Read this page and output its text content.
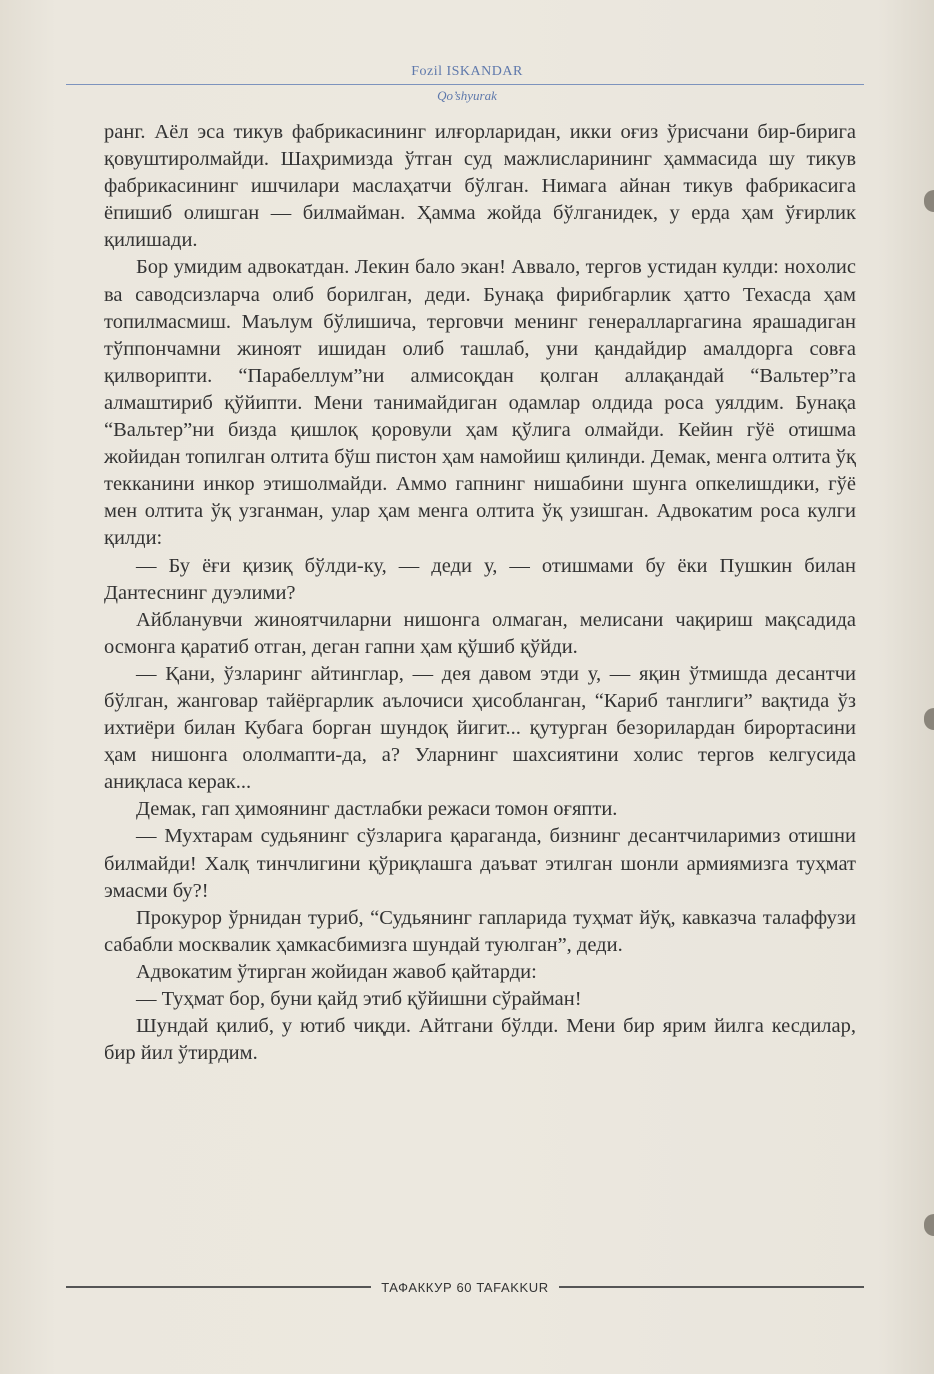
Fozil ISKANDAR
Qo’shyurak

ранг. Аёл эса тикув фабрикасининг илғорларидан, икки оғиз ўрисчани бир-бирига қовуштиролмайди. Шаҳримизда ўтган суд мажлисларининг ҳаммасида шу тикув фабрикасининг ишчилари маслаҳатчи бўлган. Нимага айнан тикув фабрикасига ёпишиб олишган — билмайман. Ҳамма жойда бўлганидек, у ерда ҳам ўғирлик қилишади.

Бор умидим адвокатдан. Лекин бало экан! Аввало, тергов устидан кулди: ноxолис ва саводсизларча олиб борилган, деди. Бунақа фирибгарлик ҳатто Техасда ҳам топилмасмиш. Маълум бўлишича, терговчи менинг генералларгагина ярашадиган тўппончамни жиноят ишидан олиб ташлаб, уни қандайдир амалдорга совға қилворипти. “Парабеллум”ни алмисоқдан қолган аллақандай “Вальтер”га алмаштириб қўйипти. Мени танимайдиган одамлар олдида роса уялдим. Бунақа “Вальтер”ни бизда қишлоқ қоровули ҳам қўлига олмайди. Кейин гўё отишма жойидан топилган олтита бўш пистон ҳам намойиш қилинди. Демак, менга олтита ўқ текканини инкор этишолмайди. Аммо гапнинг нишабини шунга опкелишдики, гўё мен олтита ўқ узганман, улар ҳам менга олтита ўқ узишган. Адвокатим роса кулги қилди:

— Бу ёғи қизиқ бўлди-ку, — деди у, — отишмами бу ёки Пушкин билан Дантеснинг дуэлими?

Айбланувчи жиноятчиларни нишонга олмаган, мелисани чақириш мақсадида осмонга қаратиб отган, деган гапни ҳам қўшиб қўйди.

— Қани, ўзларинг айтинглар, — дея давом этди у, — яқин ўтмишда десантчи бўлган, жанговар тайёргарлик аълочиси ҳисобланган, “Кариб танглиги” вақтида ўз ихтиёри билан Кубага борган шундоқ йигит... қутурган безорилардан бирортасини ҳам нишонга ололмапти-да, а? Уларнинг шахсиятини холис тергов келгусида аниқласа керак...

Демак, гап ҳимоянинг дастлабки режаси томон оғяпти.

— Мухтарам судьянинг сўзларига қараганда, бизнинг десантчиларимиз отишни билмайди! Халқ тинчлигини қўриқлашга даъват этилган шонли армиямизга туҳмат эмасми бу?!

Прокурор ўрнидан туриб, “Судьянинг гапларида туҳмат йўқ, кавказча талаффузи сабабли москвалик ҳамкасбимизга шундай туюлган”, деди.

Адвокатим ўтирган жойидан жавоб қайтарди:

— Туҳмат бор, буни қайд этиб қўйишни сўрайман!

Шундай қилиб, у ютиб чиқди. Айтгани бўлди. Мени бир ярим йилга кесдилар, бир йил ўтирдим.

ТАФАККУР 60 TAFAKKUR
